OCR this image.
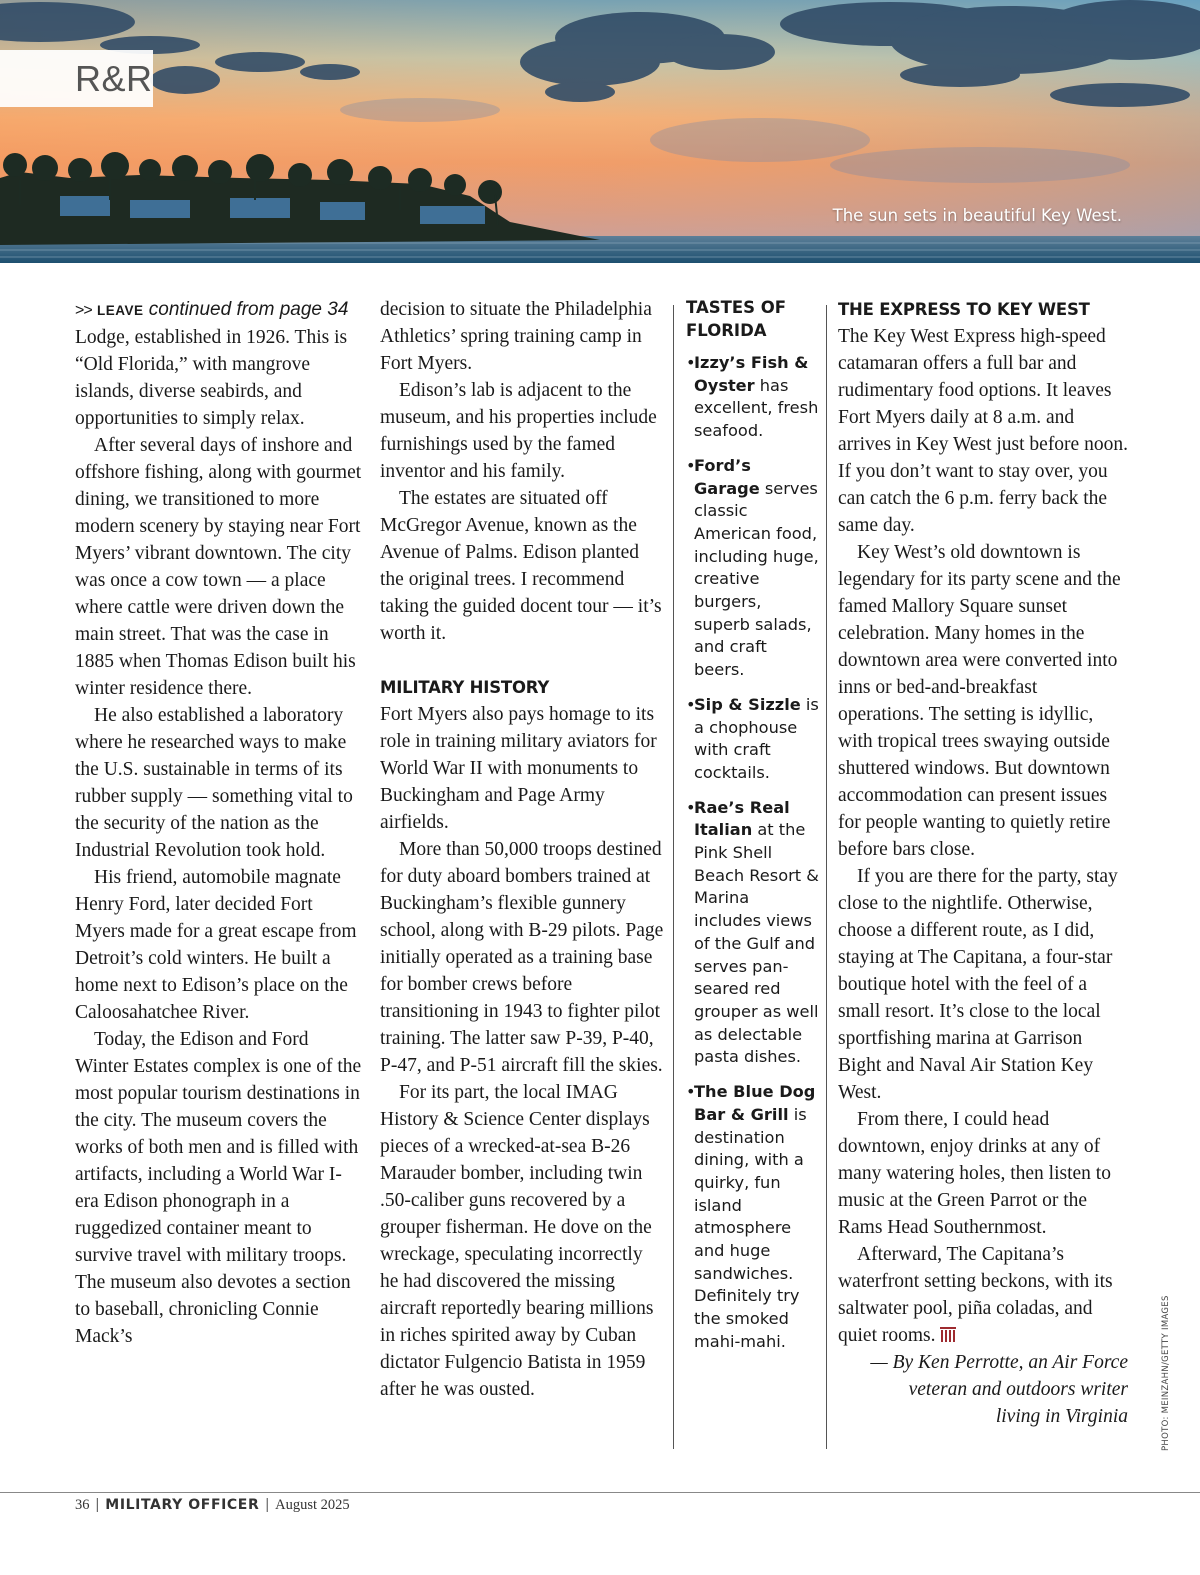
R&R
The sun sets in beautiful Key West.

>> LEAVE continued from page 34

Lodge, established in 1926. This is “Old Florida,” with mangrove islands, diverse seabirds, and opportunities to simply relax.

After several days of inshore and offshore fishing, along with gourmet dining, we transitioned to more modern scenery by staying near Fort Myers’ vibrant downtown. The city was once a cow town — a place where cattle were driven down the main street. That was the case in 1885 when Thomas Edison built his winter residence there.

He also established a laboratory where he researched ways to make the U.S. sustainable in terms of its rubber supply — something vital to the security of the nation as the Industrial Revolution took hold.

His friend, automobile magnate Henry Ford, later decided Fort Myers made for a great escape from Detroit’s cold winters. He built a home next to Edison’s place on the Caloosahatchee River.

Today, the Edison and Ford Winter Estates complex is one of the most popular tourism destinations in the city. The museum covers the works of both men and is filled with artifacts, including a World War I-era Edison phonograph in a ruggedized container meant to survive travel with military troops. The museum also devotes a section to baseball, chronicling Connie Mack’s

decision to situate the Philadelphia Athletics’ spring training camp in Fort Myers.

Edison’s lab is adjacent to the museum, and his properties include furnishings used by the famed inventor and his family.

The estates are situated off McGregor Avenue, known as the Avenue of Palms. Edison planted the original trees. I recommend taking the guided docent tour — it’s worth it.

MILITARY HISTORY

Fort Myers also pays homage to its role in training military aviators for World War II with monuments to Buckingham and Page Army airfields.

More than 50,000 troops destined for duty aboard bombers trained at Buckingham’s flexible gunnery school, along with B-29 pilots. Page initially operated as a training base for bomber crews before transitioning in 1943 to fighter pilot training. The latter saw P-39, P-40, P-47, and P-51 aircraft fill the skies.

For its part, the local IMAG History & Science Center displays pieces of a wrecked-at-sea B-26 Marauder bomber, including twin .50-caliber guns recovered by a grouper fisherman. He dove on the wreckage, speculating incorrectly he had discovered the missing aircraft reportedly bearing millions in riches spirited away by Cuban dictator Fulgencio Batista in 1959 after he was ousted.

TASTES OF FLORIDA
•Izzy’s Fish & Oyster has excellent, fresh seafood.
•Ford’s Garage serves classic American food, including huge, creative burgers, superb salads, and craft beers.
•Sip & Sizzle is a chophouse with craft cocktails.
•Rae’s Real Italian at the Pink Shell Beach Resort & Marina includes views of the Gulf and serves pan-seared red grouper as well as delectable pasta dishes.
•The Blue Dog Bar & Grill is destination dining, with a quirky, fun island atmosphere and huge sandwiches. Definitely try the smoked mahi-mahi.
THE EXPRESS TO KEY WEST

The Key West Express high-speed catamaran offers a full bar and rudimentary food options. It leaves Fort Myers daily at 8 a.m. and arrives in Key West just before noon. If you don’t want to stay over, you can catch the 6 p.m. ferry back the same day.

Key West’s old downtown is legendary for its party scene and the famed Mallory Square sunset celebration. Many homes in the downtown area were converted into inns or bed-and-breakfast operations. The setting is idyllic, with tropical trees swaying outside shuttered windows. But downtown accommodation can present issues for people wanting to quietly retire before bars close.

If you are there for the party, stay close to the nightlife. Otherwise, choose a different route, as I did, staying at The Capitana, a four-star boutique hotel with the feel of a small resort. It’s close to the local sportfishing marina at Garrison Bight and Naval Air Station Key West.

From there, I could head downtown, enjoy drinks at any of many watering holes, then listen to music at the Green Parrot or the Rams Head Southernmost.

Afterward, The Capitana’s waterfront setting beckons, with its saltwater pool, piña coladas, and quiet rooms.

— By Ken Perrotte, an Air Force
veteran and outdoors writer
living in Virginia	PHOTO: MEINZAHN/GETTY IMAGES
36 | MILITARY OFFICER | August 2025
